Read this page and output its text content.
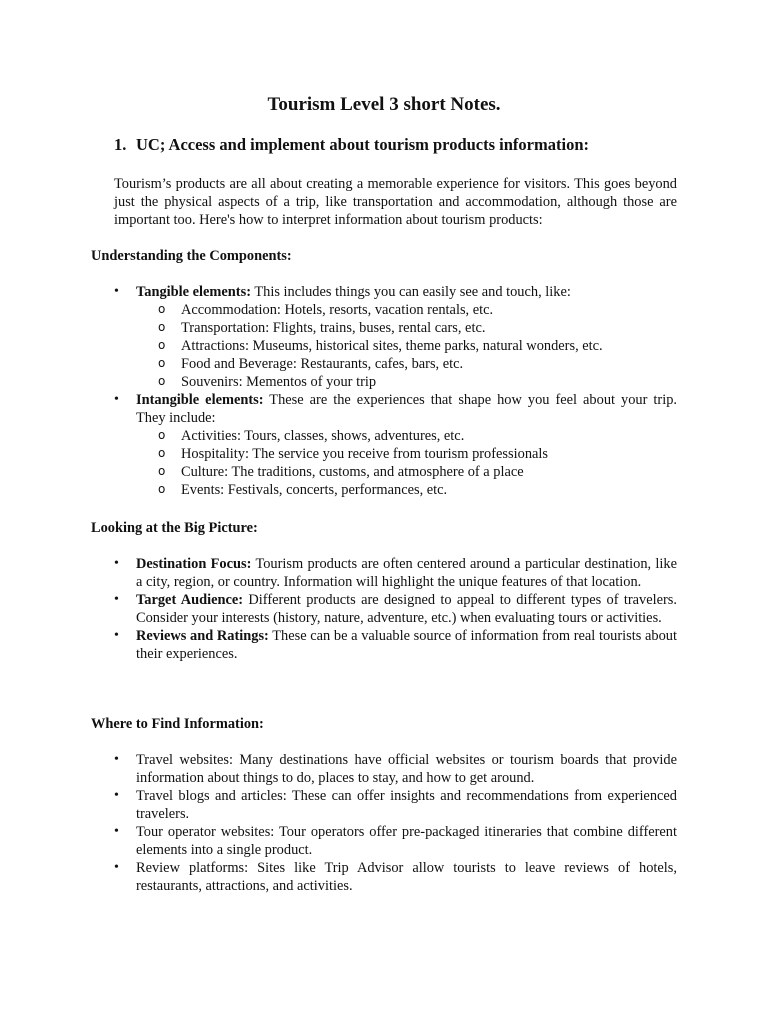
Tourism Level 3 short Notes.
1. UC; Access and implement about tourism products information:

Tourism’s products are all about creating a memorable experience for visitors. This goes beyond just the physical aspects of a trip, like transportation and accommodation, although those are important too. Here's how to interpret information about tourism products:

Understanding the Components:
• Tangible elements: This includes things you can easily see and touch, like:
o Accommodation: Hotels, resorts, vacation rentals, etc.
o Transportation: Flights, trains, buses, rental cars, etc.
o Attractions: Museums, historical sites, theme parks, natural wonders, etc.
o Food and Beverage: Restaurants, cafes, bars, etc.
o Souvenirs: Mementos of your trip
• Intangible elements: These are the experiences that shape how you feel about your trip. They include:
o Activities: Tours, classes, shows, adventures, etc.
o Hospitality: The service you receive from tourism professionals
o Culture: The traditions, customs, and atmosphere of a place
o Events: Festivals, concerts, performances, etc.
Looking at the Big Picture:
• Destination Focus: Tourism products are often centered around a particular destination, like a city, region, or country. Information will highlight the unique features of that location.
• Target Audience: Different products are designed to appeal to different types of travelers. Consider your interests (history, nature, adventure, etc.) when evaluating tours or activities.
• Reviews and Ratings: These can be a valuable source of information from real tourists about their experiences.
Where to Find Information:
• Travel websites: Many destinations have official websites or tourism boards that provide information about things to do, places to stay, and how to get around.
• Travel blogs and articles: These can offer insights and recommendations from experienced travelers.
• Tour operator websites: Tour operators offer pre-packaged itineraries that combine different elements into a single product.
• Review platforms: Sites like Trip Advisor allow tourists to leave reviews of hotels, restaurants, attractions, and activities.
